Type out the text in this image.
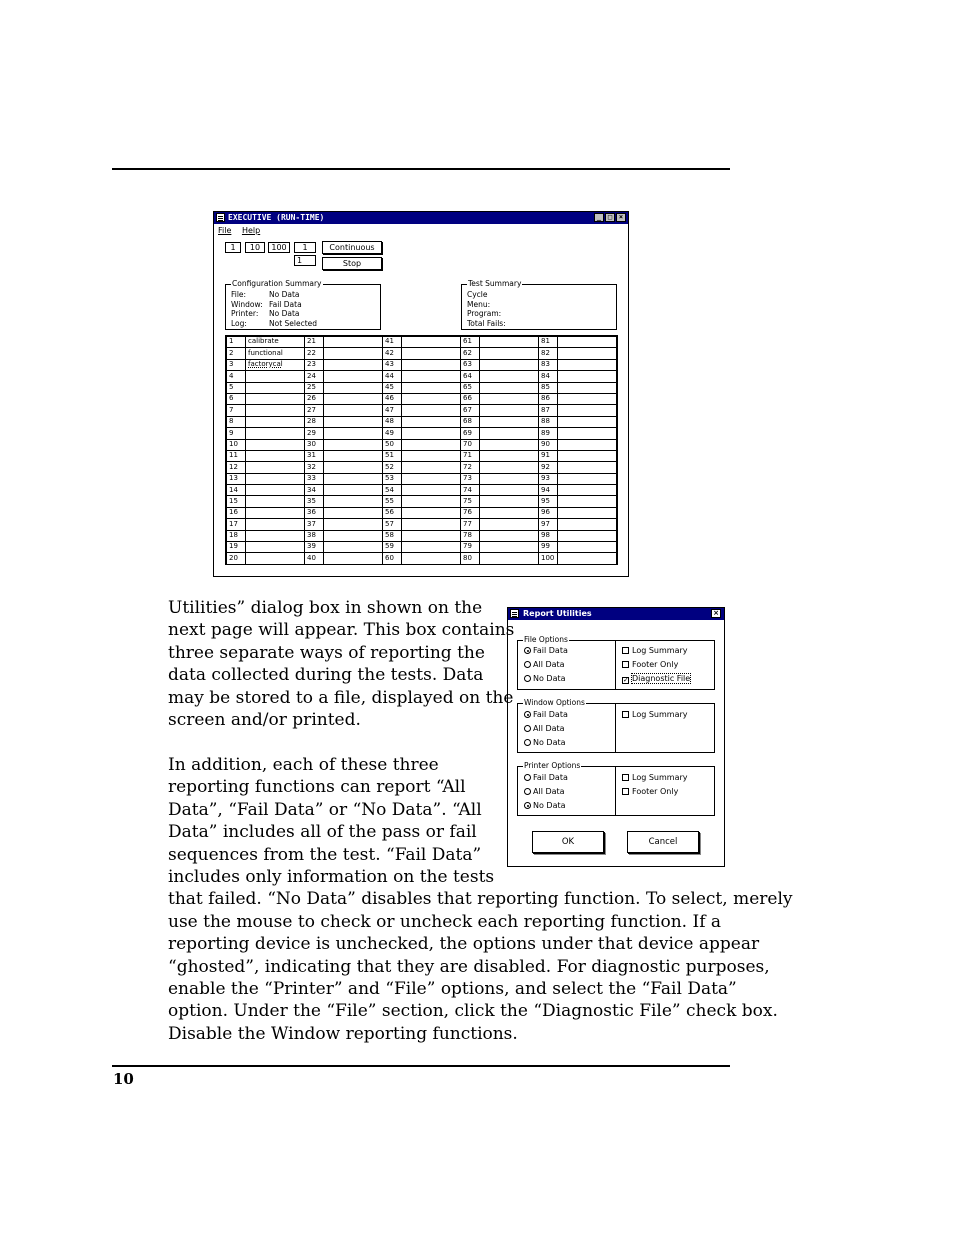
EXECUTIVE (RUN-TIME)	_ □ ×
File Help
1	10	100	1
1
Continuous
Stop
Configuration Summary
File:	No Data
Window: Fail Data
Printer: No Data
Log:	Not Selected
Test Summary
Cycle
Menu:
Program:
Total Fails:
1	calibrate	21		41		61		81	
2	functional	22		42		62		82	
3	factorycal	23		43		63		83	
4		24		44		64		84	
5		25		45		65		85	
6		26		46		66		86	
7		27		47		67		87	
8		28		48		68		88	
9		29		49		69		89	
10		30		50		70		90	
11		31		51		71		91	
12		32		52		72		92	
13		33		53		73		93	
14		34		54		74		94	
15		35		55		75		95	
16		36		56		76		96	
17		37		57		77		97	
18		38		58		78		98	
19		39		59		79		99	
20		40		60		80		100	
Report Utilities	×
File Options
Fail Data
All Data
No Data
Log Summary
Footer Only
✓ Diagnostic File
Window Options
Fail Data
All Data
No Data
Log Summary
Printer Options
Fail Data
All Data
No Data
Log Summary
Footer Only
OK	Cancel
Utilities” dialog box in shown on the
next page will appear. This box contains
three separate ways of reporting the
data collected during the tests. Data
may be stored to a file, displayed on the
screen and/or printed.
In addition, each of these three
reporting functions can report “All
Data”, “Fail Data” or “No Data”. “All
Data” includes all of the pass or fail
sequences from the test. “Fail Data”
includes only information on the tests
that failed. “No Data” disables that reporting function. To select, merely
use the mouse to check or uncheck each reporting function. If a
reporting device is unchecked, the options under that device appear
“ghosted”, indicating that they are disabled. For diagnostic purposes,
enable the “Printer” and “File” options, and select the “Fail Data”
option. Under the “File” section, click the “Diagnostic File” check box.
Disable the Window reporting functions.
10
